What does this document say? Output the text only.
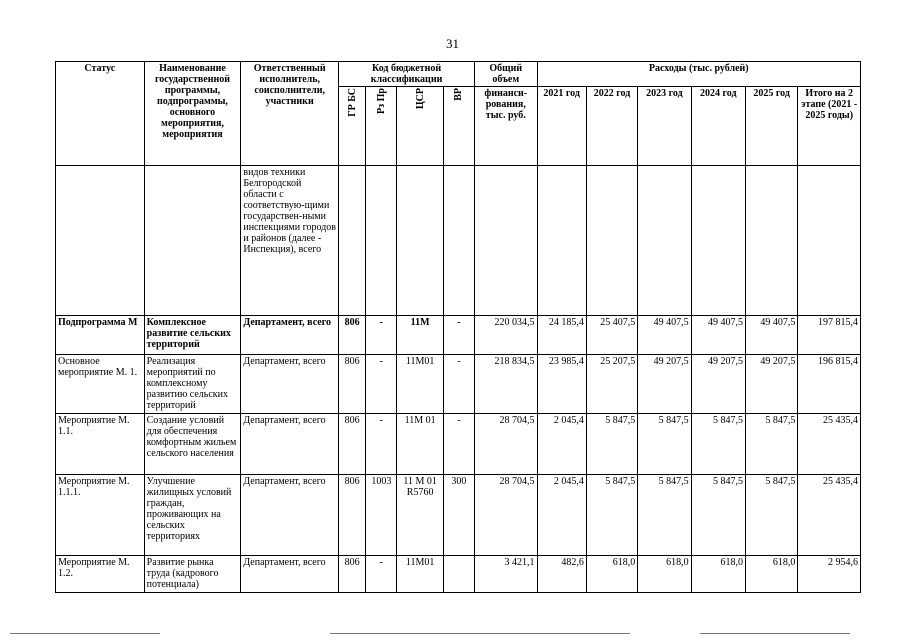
31
Статус	Наименование государственной программы, подпрограммы, основного мероприятия, мероприятия	Ответственный исполнитель, соисполнители, участники	Код бюджетной классификации				Общий объем	Расходы (тыс. рублей)					

			ГР БС	Рз Пр	ЦСР	ВР	финанси-рования, тыс. руб.	2021 год	2022 год	2023 год	2024 год	2025 год	Итого на 2 этапе (2021 - 2025 годы)
		видов техники Белгородской области с соответствую-щими государствен-ными инспекциями городов и районов (далее - Инспекция), всего											
Подпрограмма М	Комплексное развитие сельских территорий	Департамент, всего	806	-	11М	-	220 034,5	24 185,4	25 407,5	49 407,5	49 407,5	49 407,5	197 815,4
Основное мероприятие М. 1.	Реализация мероприятий по комплексному развитию сельских территорий	Департамент, всего	806	-	11М01	-	218 834,5	23 985,4	25 207,5	49 207,5	49 207,5	49 207,5	196 815,4
Мероприятие М. 1.1.	Создание условий для обеспечения комфортным жильем сельского населения	Департамент, всего	806	-	11М 01	-	28 704,5	2 045,4	5 847,5	5 847,5	5 847,5	5 847,5	25 435,4
Мероприятие М. 1.1.1.	Улучшение жилищных условий граждан, проживающих на сельских территориях	Департамент, всего	806	1003	11 М 01 R5760	300	28 704,5	2 045,4	5 847,5	5 847,5	5 847,5	5 847,5	25 435,4
Мероприятие М. 1.2.	Развитие рынка труда (кадрового потенциала)	Департамент, всего	806	-	11М01		3 421,1	482,6	618,0	618,0	618,0	618,0	2 954,6
